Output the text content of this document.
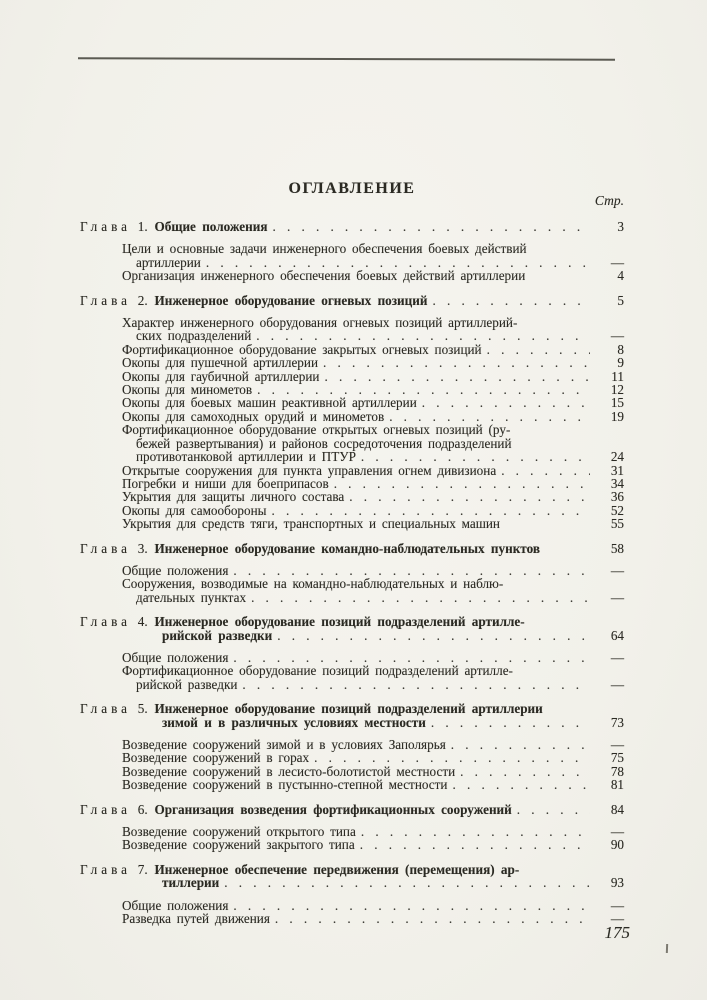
ОГЛАВЛЕНИЕ
Стр.
Глава 1. Общие положения . . .	3
Цели и основные задачи инженерного обеспечения боевых действий
артиллерии . . .	—
Организация инженерного обеспечения боевых действий артиллерии	4
Глава 2. Инженерное оборудование огневых позиций . . .	5
Характер инженерного оборудования огневых позиций артиллерий-
ских подразделений . . .	—
Фортификационное оборудование закрытых огневых позиций . . .	8
Окопы для пушечной артиллерии . . .	9
Окопы для гаубичной артиллерии . . .	11
Окопы для минометов . . .	12
Окопы для боевых машин реактивной артиллерии . . .	15
Окопы для самоходных орудий и минометов . . .	19
Фортификационное оборудование открытых огневых позиций (ру-
бежей развертывания) и районов сосредоточения подразделений
противотанковой артиллерии и ПТУР . . .	24
Открытые сооружения для пункта управления огнем дивизиона . . .	31
Погребки и ниши для боеприпасов . . .	34
Укрытия для защиты личного состава . . .	36
Окопы для самообороны . . .	52
Укрытия для средств тяги, транспортных и специальных машин	55
Глава 3. Инженерное оборудование командно-наблюдательных пунктов	58
Общие положения . . .	—
Сооружения, возводимые на командно-наблюдательных и наблю-
дательных пунктах . . .	—
Глава 4. Инженерное оборудование позиций подразделений артилле-
рийской разведки . . .	64
Общие положения . . .	—
Фортификационное оборудование позиций подразделений артилле-
рийской разведки . . .	—
Глава 5. Инженерное оборудование позиций подразделений артиллерии
зимой и в различных условиях местности . . .	73
Возведение сооружений зимой и в условиях Заполярья . . .	—
Возведение сооружений в горах . . .	75
Возведение сооружений в лесисто-болотистой местности . . .	78
Возведение сооружений в пустынно-степной местности . . .	81
Глава 6. Организация возведения фортификационных сооружений . . .	84
Возведение сооружений открытого типа . . .	—
Возведение сооружений закрытого типа . . .	90
Глава 7. Инженерное обеспечение передвижения (перемещения) ар-
тиллерии . . .	93
Общие положения . . .	—
Разведка путей движения . . .	—
175
